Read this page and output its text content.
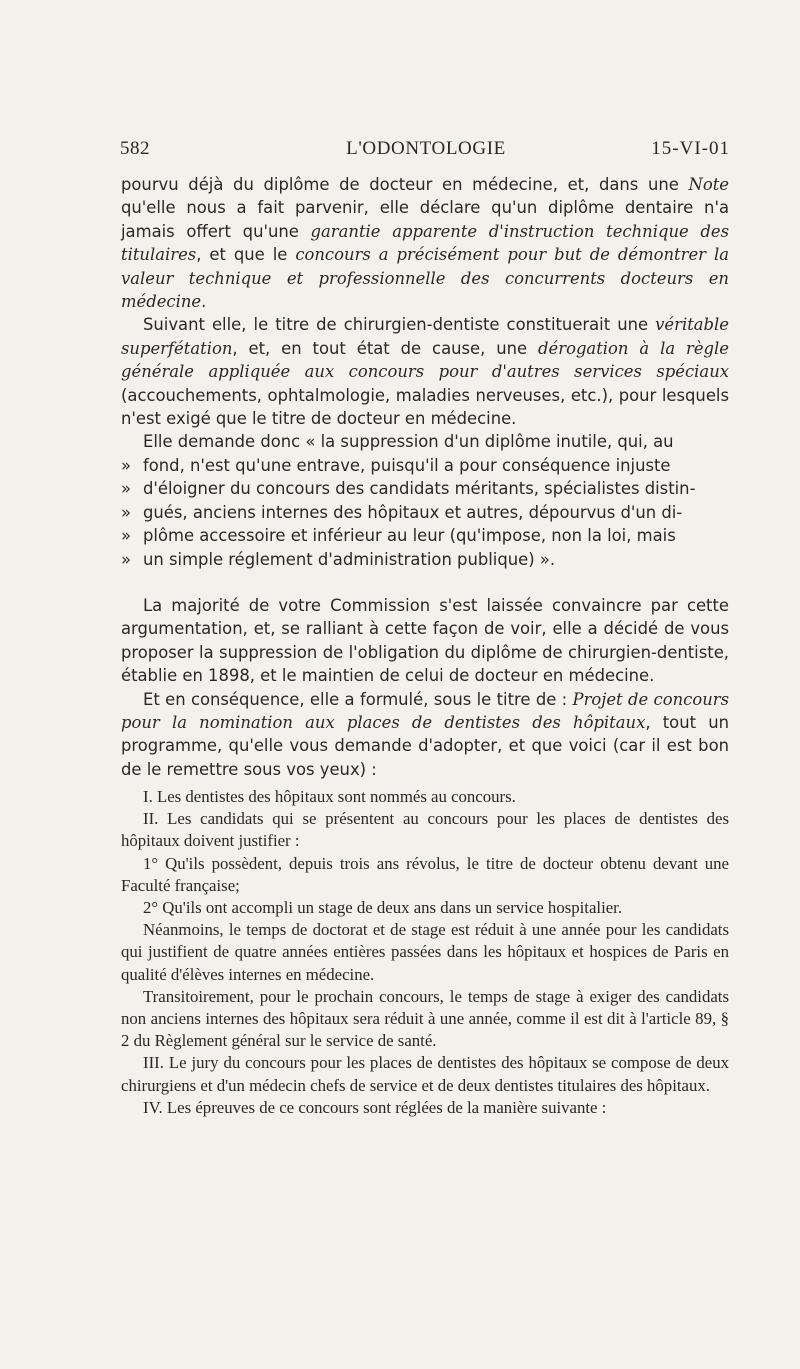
582	L'ODONTOLOGIE	15-VI-01

pourvu déjà du diplôme de docteur en médecine, et, dans une Note qu'elle nous a fait parvenir, elle déclare qu'un diplôme dentaire n'a jamais offert qu'une garantie apparente d'instruction technique des titulaires, et que le concours a précisément pour but de démontrer la valeur technique et professionnelle des concurrents docteurs en médecine.

Suivant elle, le titre de chirurgien-dentiste constituerait une véritable superfétation, et, en tout état de cause, une dérogation à la règle générale appliquée aux concours pour d'autres services spéciaux (accouchements, ophtalmologie, maladies nerveuses, etc.), pour lesquels n'est exigé que le titre de docteur en médecine.

Elle demande donc « la suppression d'un diplôme inutile, qui, au

» fond, n'est qu'une entrave, puisqu'il a pour conséquence injuste
» d'éloigner du concours des candidats méritants, spécialistes distin-
» gués, anciens internes des hôpitaux et autres, dépourvus d'un di-
» plôme accessoire et inférieur au leur (qu'impose, non la loi, mais
» un simple réglement d'administration publique) ».

La majorité de votre Commission s'est laissée convaincre par cette argumentation, et, se ralliant à cette façon de voir, elle a décidé de vous proposer la suppression de l'obligation du diplôme de chirurgien-dentiste, établie en 1898, et le maintien de celui de docteur en médecine.

Et en conséquence, elle a formulé, sous le titre de : Projet de concours pour la nomination aux places de dentistes des hôpitaux, tout un programme, qu'elle vous demande d'adopter, et que voici (car il est bon de le remettre sous vos yeux) :

I. Les dentistes des hôpitaux sont nommés au concours.

II. Les candidats qui se présentent au concours pour les places de dentistes des hôpitaux doivent justifier :

1° Qu'ils possèdent, depuis trois ans révolus, le titre de docteur obtenu devant une Faculté française;

2° Qu'ils ont accompli un stage de deux ans dans un service hospitalier.

Néanmoins, le temps de doctorat et de stage est réduit à une année pour les candidats qui justifient de quatre années entières passées dans les hôpitaux et hospices de Paris en qualité d'élèves internes en médecine.

Transitoirement, pour le prochain concours, le temps de stage à exiger des candidats non anciens internes des hôpitaux sera réduit à une année, comme il est dit à l'article 89, § 2 du Règlement général sur le service de santé.

III. Le jury du concours pour les places de dentistes des hôpitaux se compose de deux chirurgiens et d'un médecin chefs de service et de deux dentistes titulaires des hôpitaux.

IV. Les épreuves de ce concours sont réglées de la manière suivante :
